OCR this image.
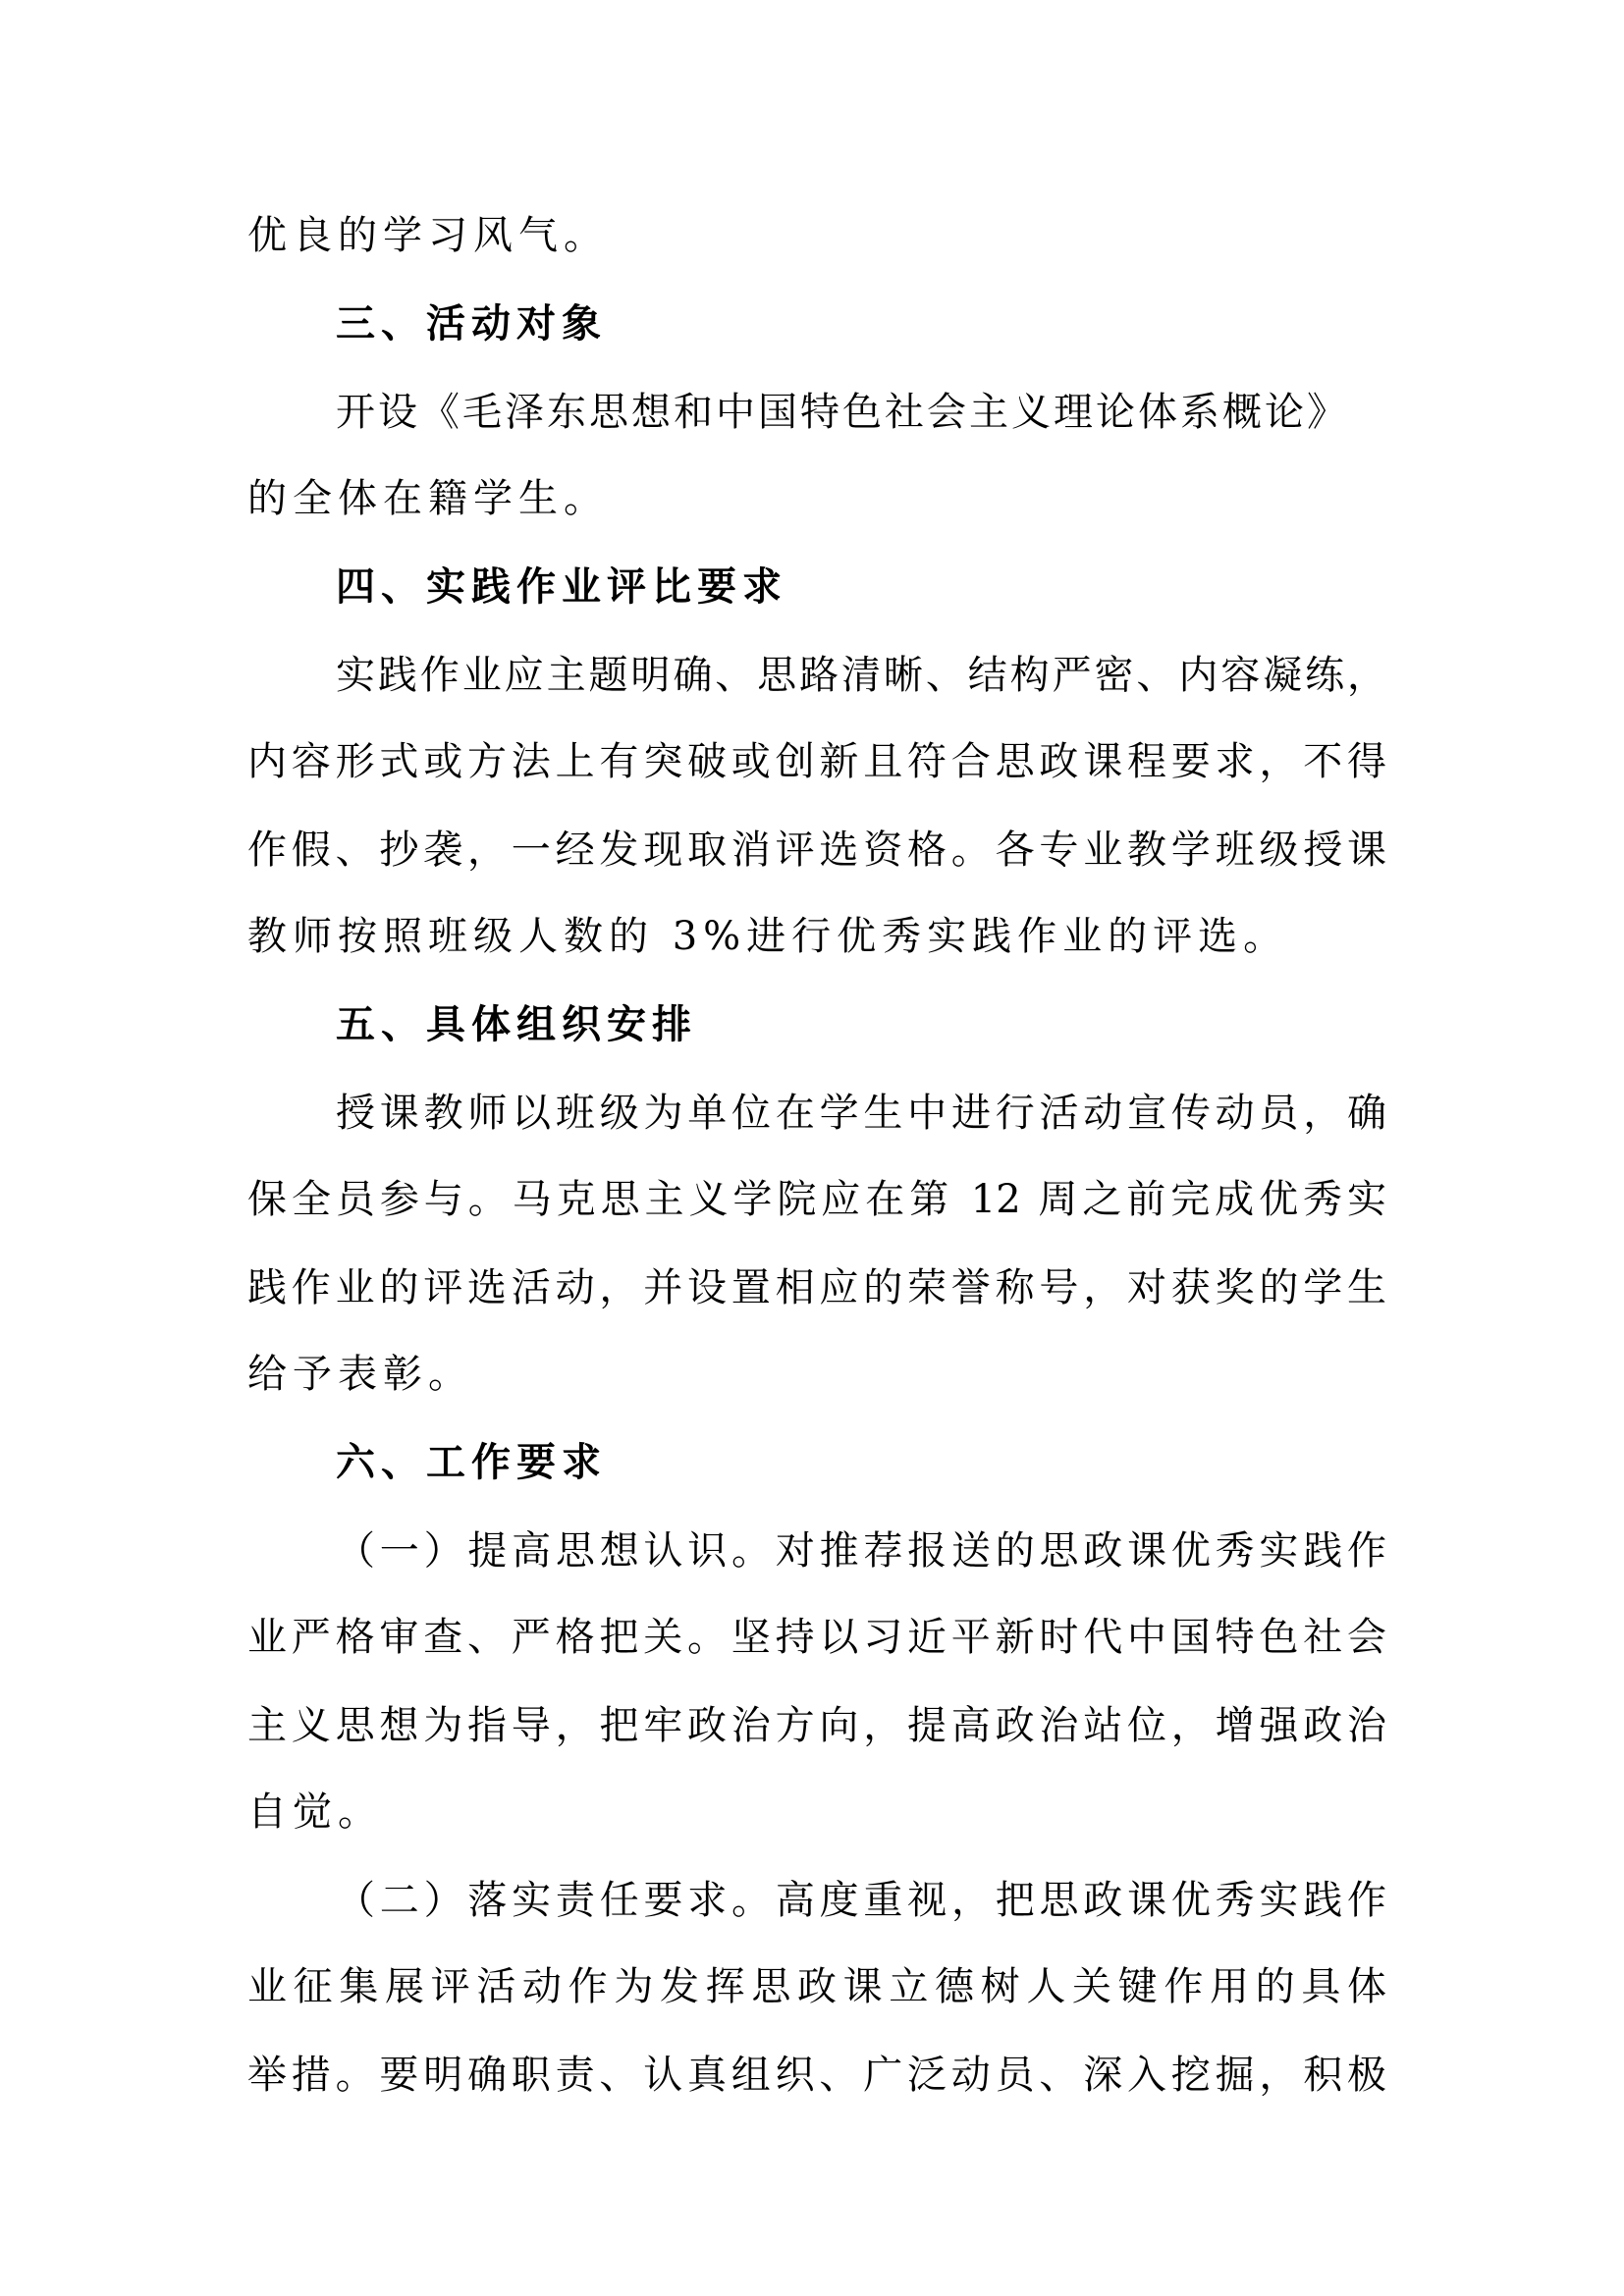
优良的学习风气。
三、活动对象
开设《毛泽东思想和中国特色社会主义理论体系概论》
的全体在籍学生。
四、实践作业评比要求
实践作业应主题明确、思路清晰、结构严密、内容凝练，
内容形式或方法上有突破或创新且符合思政课程要求，不得
作假、抄袭，一经发现取消评选资格。各专业教学班级授课
教师按照班级人数的 3%进行优秀实践作业的评选。
五、具体组织安排
授课教师以班级为单位在学生中进行活动宣传动员，确
保全员参与。马克思主义学院应在第 12 周之前完成优秀实
践作业的评选活动，并设置相应的荣誉称号，对获奖的学生
给予表彰。
六、工作要求
（一）提高思想认识。对推荐报送的思政课优秀实践作
业严格审查、严格把关。坚持以习近平新时代中国特色社会
主义思想为指导，把牢政治方向，提高政治站位，增强政治
自觉。
（二）落实责任要求。高度重视，把思政课优秀实践作
业征集展评活动作为发挥思政课立德树人关键作用的具体
举措。要明确职责、认真组织、广泛动员、深入挖掘，积极
